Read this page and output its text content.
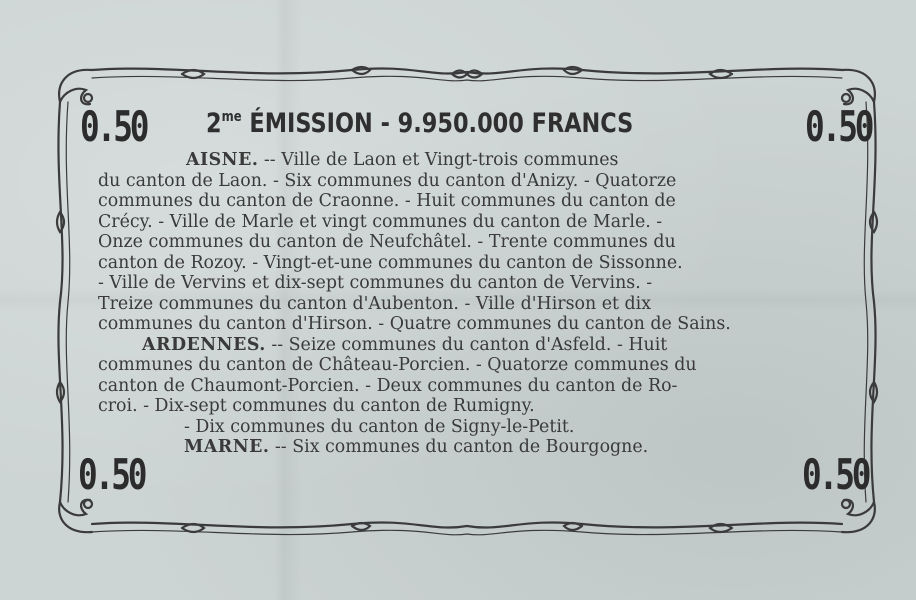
0.50	0.50
0.50	0.50
$2^{me}$ ÉMISSION - 9.950.000 FRANCS
AISNE. -- Ville de Laon et Vingt-trois communes
du canton de Laon. - Six communes du canton d'Anizy. - Quatorze
communes du canton de Craonne. - Huit communes du canton de
Crécy. - Ville de Marle et vingt communes du canton de Marle. -
Onze communes du canton de Neufchâtel. - Trente communes du
canton de Rozoy. - Vingt-et-une communes du canton de Sissonne.
- Ville de Vervins et dix-sept communes du canton de Vervins. -
Treize communes du canton d'Aubenton. - Ville d'Hirson et dix
communes du canton d'Hirson. - Quatre communes du canton de Sains.
ARDENNES. -- Seize communes du canton d'Asfeld. - Huit
communes du canton de Château-Porcien. - Quatorze communes du
canton de Chaumont-Porcien. - Deux communes du canton de Ro-
croi. - Dix-sept communes du canton de Rumigny.
- Dix communes du canton de Signy-le-Petit.
MARNE. -- Six communes du canton de Bourgogne.
